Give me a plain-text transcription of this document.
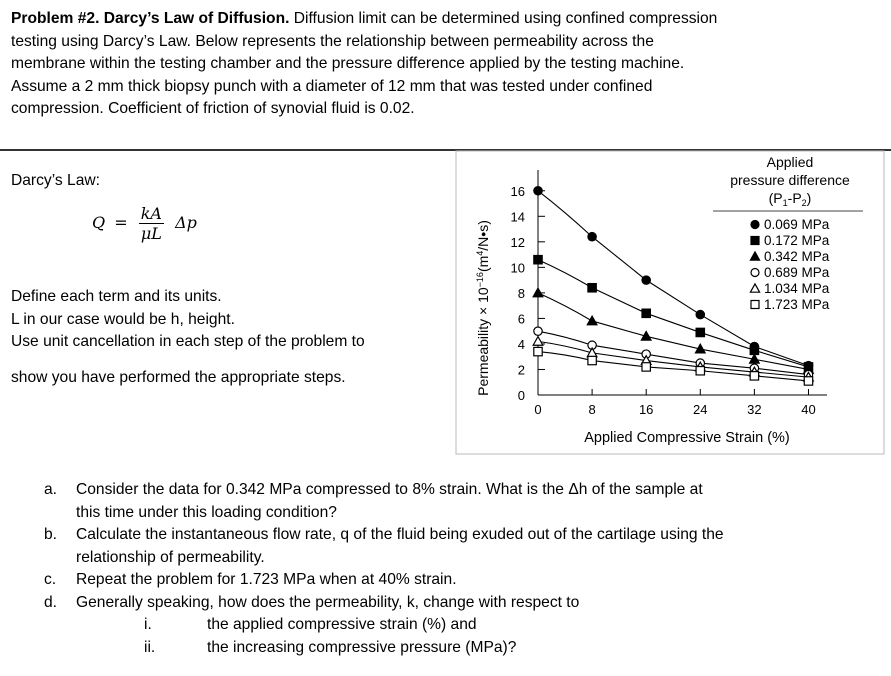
Problem #2. Darcy’s Law of Diffusion. Diffusion limit can be determined using confined compression
testing using Darcy’s Law. Below represents the relationship between permeability across the
membrane within the testing chamber and the pressure difference applied by the testing machine.
Assume a 2 mm thick biopsy punch with a diameter of 12 mm that was tested under confined
compression. Coefficient of friction of synovial fluid is 0.02.
Darcy’s Law:
$Q = \frac{kA}{\mu L}$ Δp
Define each term and its units.
L in our case would be h, height.
Use unit cancellation in each step of the problem to
show you have performed the appropriate steps.
0
2
4
6
8
10
12
14
16
0	8	16	24	32	40
Applied Compressive Strain (%)
Permeability × $10^{-16}(m^4/N•s)$
Applied
pressure difference
$(P_1-P_2)$
0.069 MPa
0.172 MPa
0.342 MPa
0.689 MPa
1.034 MPa
1.723 MPa
a.	Consider the data for 0.342 MPa compressed to 8% strain. What is the Δh of the sample at
this time under this loading condition?
b.	Calculate the instantaneous flow rate, q of the fluid being exuded out of the cartilage using the
relationship of permeability.
c.	Repeat the problem for 1.723 MPa when at 40% strain.
d.	Generally speaking, how does the permeability, k, change with respect to
i.	the applied compressive strain (%) and
ii.	the increasing compressive pressure (MPa)?
